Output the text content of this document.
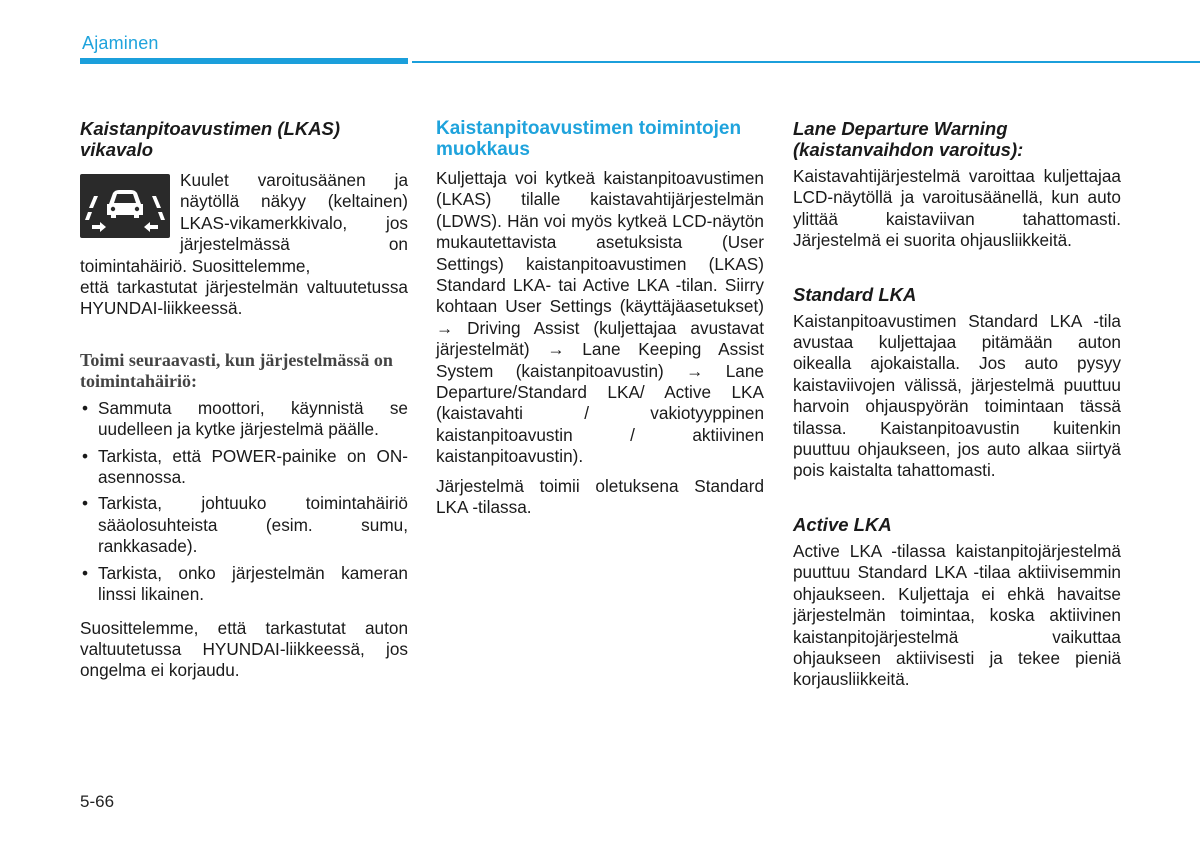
Ajaminen
Kaistanpitoavustimen (LKAS) vikavalo

Kuulet varoitusäänen ja näytöllä näkyy (keltainen) LKAS-vikamerkkivalo, jos järjestelmässä on toimintahäiriö. Suosittelemme,

että tarkastutat järjestelmän valtuutetussa HYUNDAI-liikkeessä.

Toimi seuraavasti, kun järjestelmässä on toimintahäiriö:

• Sammuta moottori, käynnistä se uudelleen ja kytke järjestelmä päälle.
• Tarkista, että POWER-painike on ON-asennossa.
• Tarkista, johtuuko toimintahäiriö sääolosuhteista (esim. sumu, rankkasade).
• Tarkista, onko järjestelmän kameran linssi likainen.

Suosittelemme, että tarkastutat auton valtuutetussa HYUNDAI-liikkeessä, jos ongelma ei korjaudu.

Kaistanpitoavustimen toimintojen muokkaus

Kuljettaja voi kytkeä kaistanpitoavustimen (LKAS) tilalle kaistavahtijärjestelmän (LDWS). Hän voi myös kytkeä LCD-näytön mukautettavista asetuksista (User Settings) kaistanpitoavustimen (LKAS) Standard LKA- tai Active LKA -tilan. Siirry kohtaan User Settings (käyttäjäasetukset) → Driving Assist (kuljettajaa avustavat järjestelmät) → Lane Keeping Assist System (kaistanpitoavustin) → Lane Departure/Standard LKA/ Active LKA (kaistavahti / vakiotyyppinen kaistanpitoavustin / aktiivinen kaistanpitoavustin).

Järjestelmä toimii oletuksena Standard LKA -tilassa.

Lane Departure Warning (kaistanvaihdon varoitus):

Kaistavahtijärjestelmä varoittaa kuljettajaa LCD-näytöllä ja varoitusäänellä, kun auto ylittää kaistaviivan tahattomasti. Järjestelmä ei suorita ohjausliikkeitä.

Standard LKA

Kaistanpitoavustimen Standard LKA -tila avustaa kuljettajaa pitämään auton oikealla ajokaistalla. Jos auto pysyy kaistaviivojen välissä, järjestelmä puuttuu harvoin ohjauspyörän toimintaan tässä tilassa. Kaistanpitoavustin kuitenkin puuttuu ohjaukseen, jos auto alkaa siirtyä pois kaistalta tahattomasti.

Active LKA

Active LKA -tilassa kaistanpitojärjestelmä puuttuu Standard LKA -tilaa aktiivisemmin ohjaukseen. Kuljettaja ei ehkä havaitse järjestelmän toimintaa, koska aktiivinen kaistanpitojärjestelmä vaikuttaa ohjaukseen aktiivisesti ja tekee pieniä korjausliikkeitä.

5-66
